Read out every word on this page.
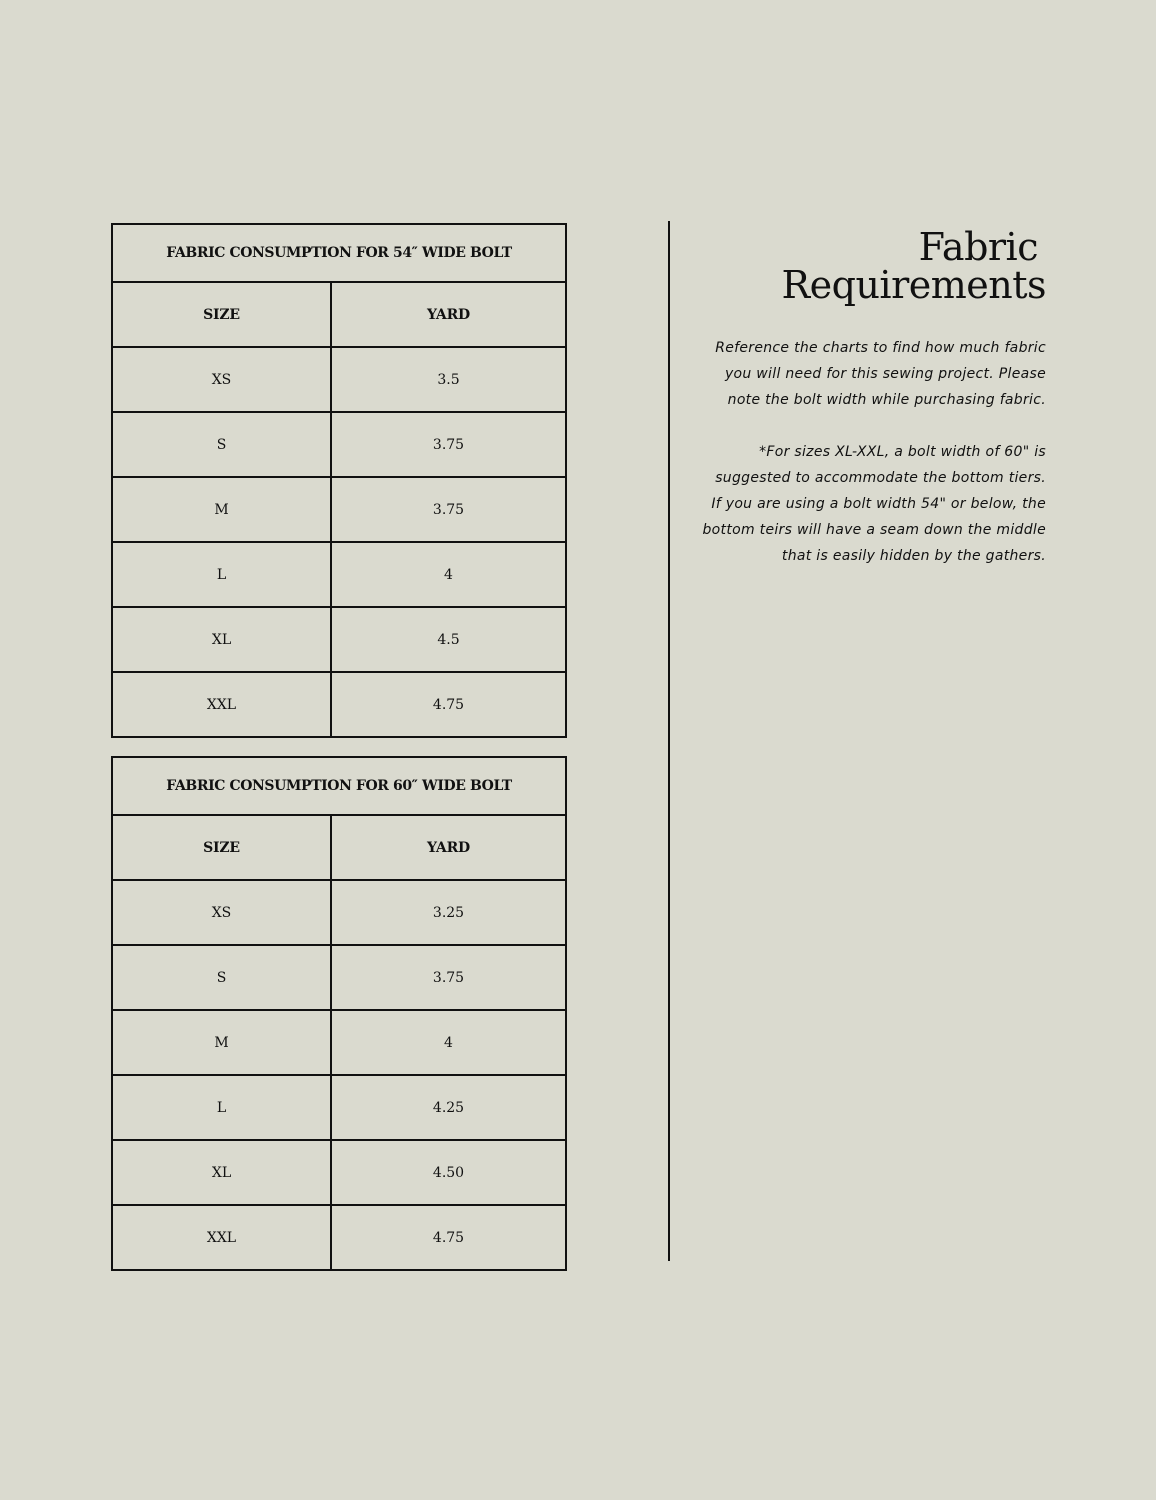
FABRIC CONSUMPTION FOR 54″ WIDE BOLT	
SIZE	YARD
XS	3.5
S	3.75
M	3.75
L	4
XL	4.5
XXL	4.75
FABRIC CONSUMPTION FOR 60″ WIDE BOLT	
SIZE	YARD
XS	3.25
S	3.75
M	4
L	4.25
XL	4.50
XXL	4.75
Fabric
Requirements

Reference the charts to find how much fabric
you will need for this sewing project. Please
note the bolt width while purchasing fabric.

*For sizes XL-XXL, a bolt width of 60" is
suggested to accommodate the bottom tiers.
If you are using a bolt width 54" or below, the
bottom teirs will have a seam down the middle
that is easily hidden by the gathers.
